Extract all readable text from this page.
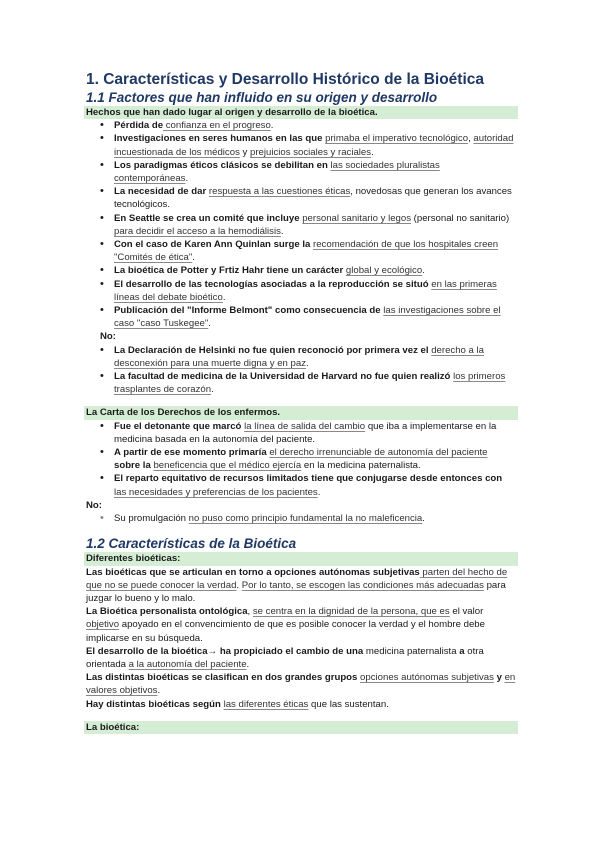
1. Características y Desarrollo Histórico de la Bioética
1.1 Factores que han influido en su origen y desarrollo
Hechos que han dado lugar al origen y desarrollo de la bioética.
• Pérdida de confianza en el progreso.
• Investigaciones en seres humanos en las que primaba el imperativo tecnológico, autoridad incuestionada de los médicos y prejuicios sociales y raciales.
• Los paradigmas éticos clásicos se debilitan en las sociedades pluralistas contemporáneas.
• La necesidad de dar respuesta a las cuestiones éticas, novedosas que generan los avances tecnológicos.
• En Seattle se crea un comité que incluye personal sanitario y legos (personal no sanitario) para decidir el acceso a la hemodiálisis.
• Con el caso de Karen Ann Quinlan surge la recomendación de que los hospitales creen "Comités de ética".
• La bioética de Potter y Frtiz Hahr tiene un carácter global y ecológico.
• El desarrollo de las tecnologías asociadas a la reproducción se situó en las primeras líneas del debate bioético.
• Publicación del "Informe Belmont" como consecuencia de las investigaciones sobre el caso "caso Tuskegee".
No:
• La Declaración de Helsinki no fue quien reconoció por primera vez el derecho a la desconexión para una muerte digna y en paz.
• La facultad de medicina de la Universidad de Harvard no fue quien realizó los primeros trasplantes de corazón.
La Carta de los Derechos de los enfermos.
• Fue el detonante que marcó la línea de salida del cambio que iba a implementarse en la medicina basada en la autonomía del paciente.
• A partir de ese momento primaría el derecho irrenunciable de autonomía del paciente sobre la beneficencia que el médico ejercía en la medicina paternalista.
• El reparto equitativo de recursos limitados tiene que conjugarse desde entonces con las necesidades y preferencias de los pacientes.
No:
• Su promulgación no puso como principio fundamental la no maleficencia.
1.2 Características de la Bioética
Diferentes bioéticas:

Las bioéticas que se articulan en torno a opciones autónomas subjetivas parten del hecho de que no se puede conocer la verdad. Por lo tanto, se escogen las condiciones más adecuadas para juzgar lo bueno y lo malo.

La Bioética personalista ontológica, se centra en la dignidad de la persona, que es el valor objetivo apoyado en el convencimiento de que es posible conocer la verdad y el hombre debe implicarse en su búsqueda.

El desarrollo de la bioética→ ha propiciado el cambio de una medicina paternalista a otra orientada a la autonomía del paciente.

Las distintas bioéticas se clasifican en dos grandes grupos opciones autónomas subjetivas y en valores objetivos.

Hay distintas bioéticas según las diferentes éticas que las sustentan.

La bioética:
